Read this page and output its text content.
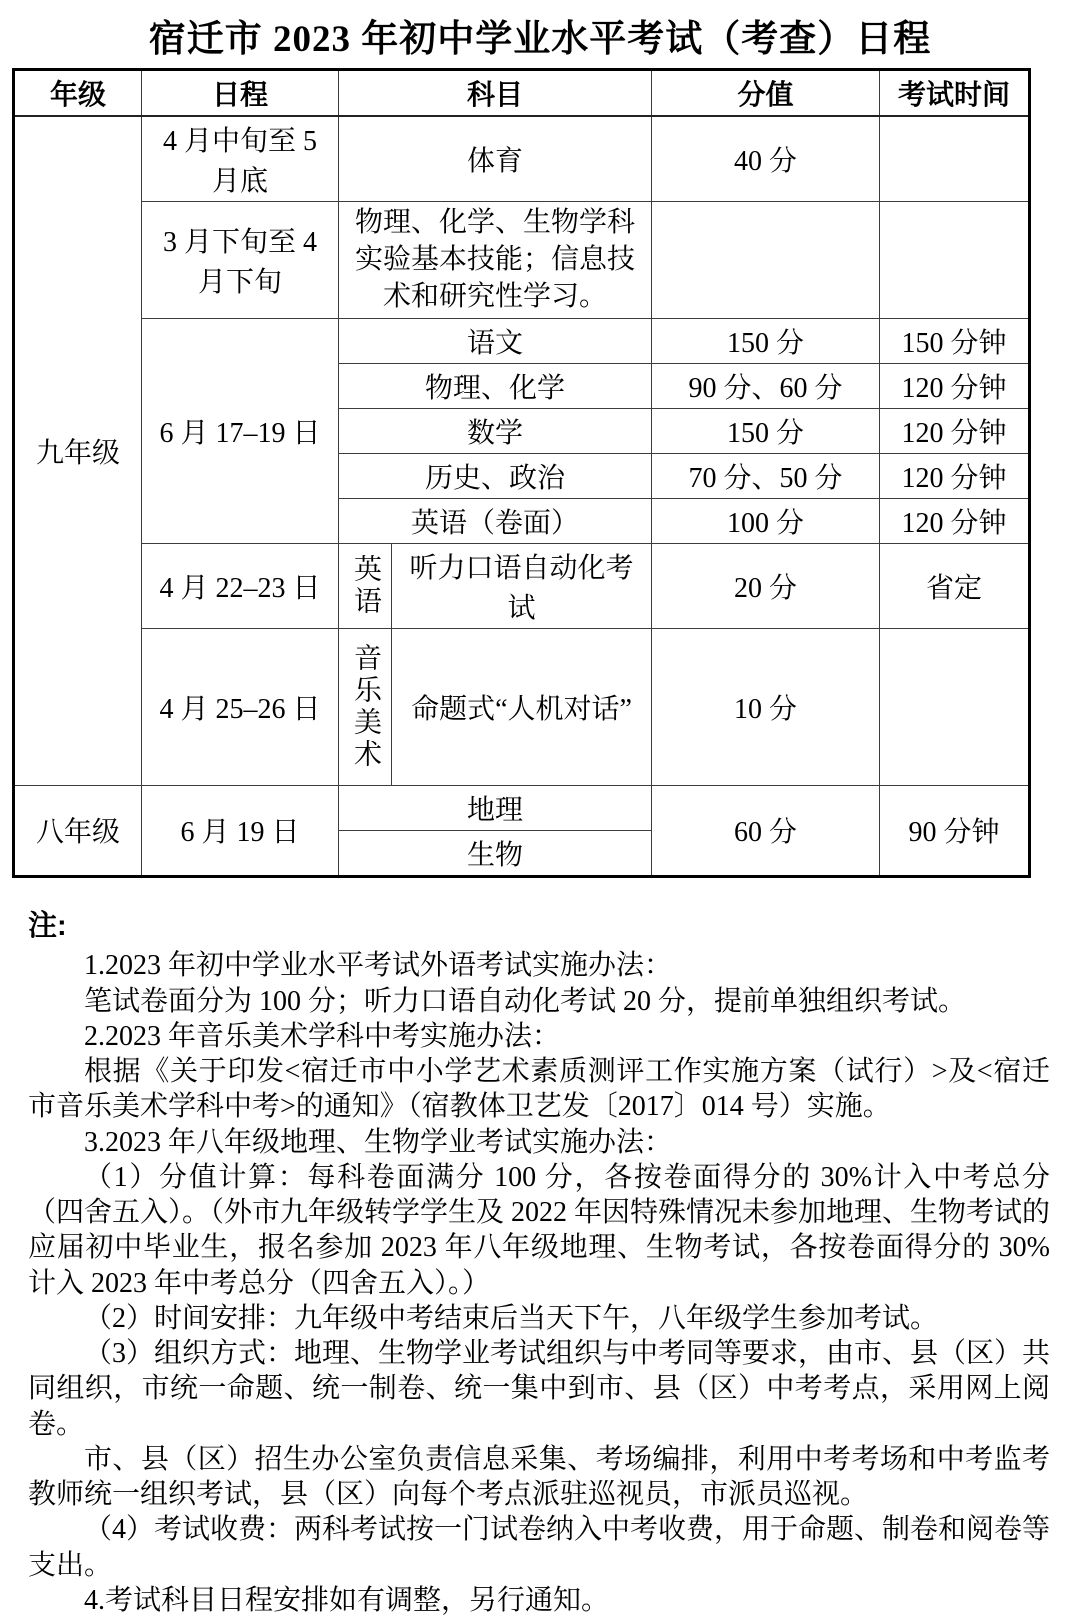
宿迁市 2023 年初中学业水平考试（考查）日程
年级	日程	科目		分值	考试时间
九年级	4 月中旬至 5 月底	体育		40 分	
	3 月下旬至 4 月下旬	物理、化学、生物学科实验基本技能；信息技术和研究性学习。			
	6 月 17–19 日	语文		150 分	150 分钟
		物理、化学		90 分、60 分	120 分钟
		数学		150 分	120 分钟
		历史、政治		70 分、50 分	120 分钟
		英语（卷面）		100 分	120 分钟
	4 月 22–23 日	英语	听力口语自动化考试	20 分	省定
	4 月 25–26 日	音乐美术	命题式“人机对话”	10 分	
八年级	6 月 19 日	地理		60 分	90 分钟
		生物			
注:

1.2023 年初中学业水平考试外语考试实施办法：

笔试卷面分为 100 分；听力口语自动化考试 20 分，提前单独组织考试。

2.2023 年音乐美术学科中考实施办法：

根据《关于印发<宿迁市中小学艺术素质测评工作实施方案（试行）>及<宿迁市音乐美术学科中考>的通知》（宿教体卫艺发〔2017〕014 号）实施。

3.2023 年八年级地理、生物学业考试实施办法：

（1）分值计算：每科卷面满分 100 分，各按卷面得分的 30%计入中考总分（四舍五入）。（外市九年级转学学生及 2022 年因特殊情况未参加地理、生物考试的应届初中毕业生，报名参加 2023 年八年级地理、生物考试，各按卷面得分的 30%计入 2023 年中考总分（四舍五入）。）

（2）时间安排：九年级中考结束后当天下午，八年级学生参加考试。

（3）组织方式：地理、生物学业考试组织与中考同等要求，由市、县（区）共同组织，市统一命题、统一制卷、统一集中到市、县（区）中考考点，采用网上阅卷。

市、县（区）招生办公室负责信息采集、考场编排，利用中考考场和中考监考教师统一组织考试，县（区）向每个考点派驻巡视员，市派员巡视。

（4）考试收费：两科考试按一门试卷纳入中考收费，用于命题、制卷和阅卷等支出。

4.考试科目日程安排如有调整，另行通知。
